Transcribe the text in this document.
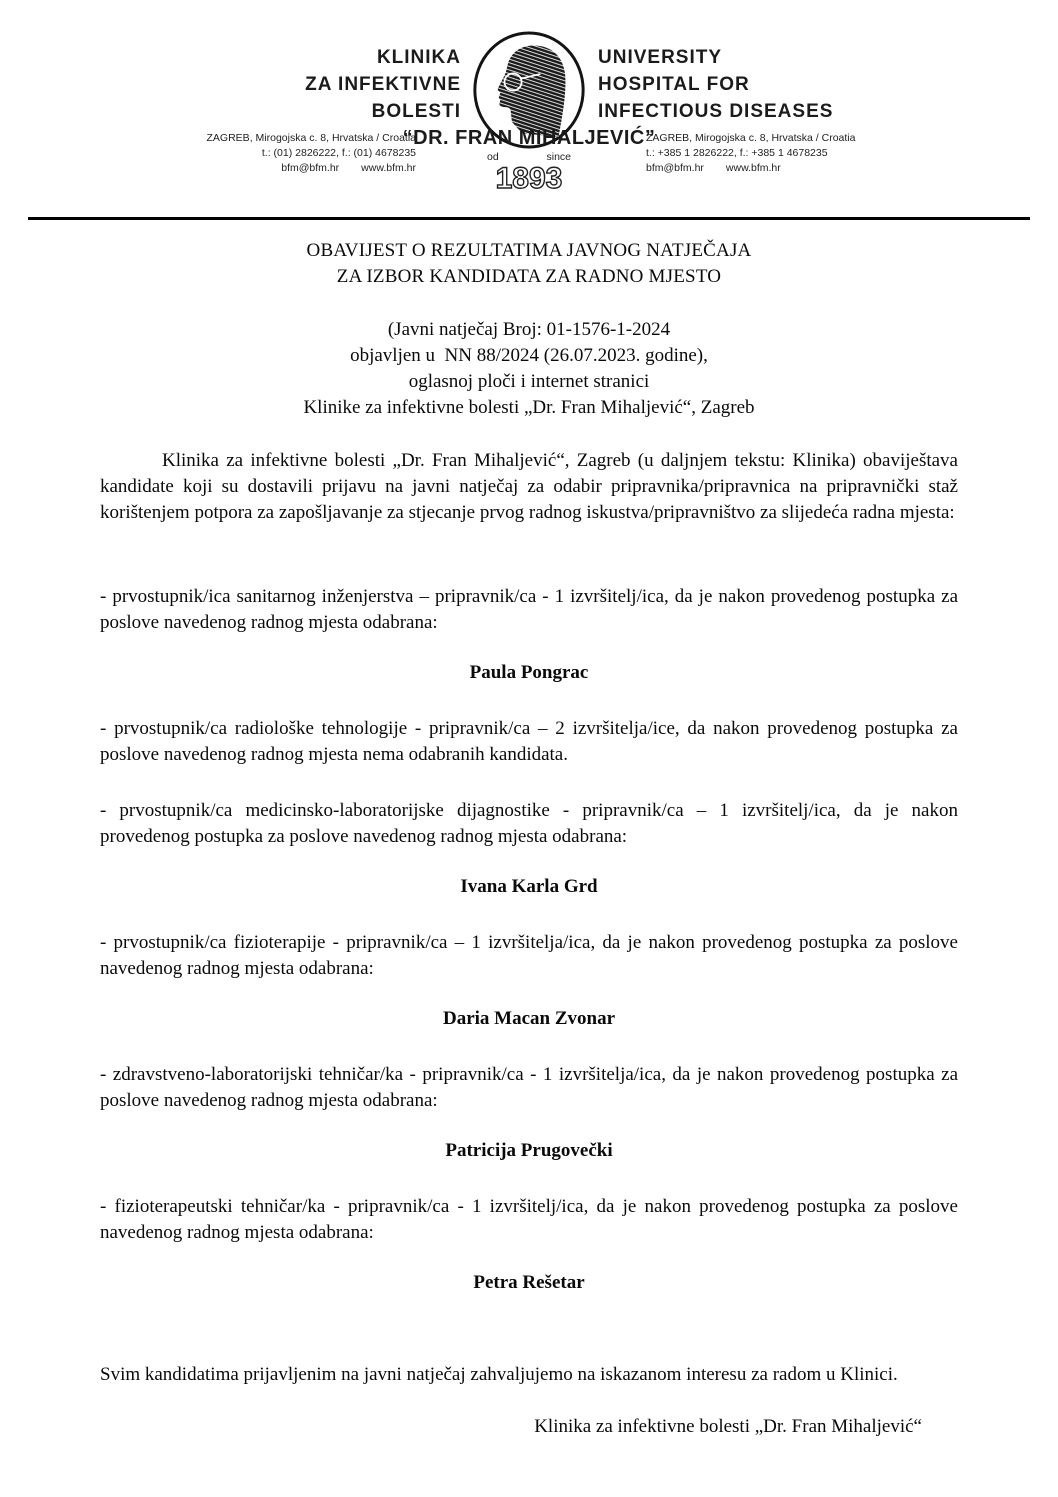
KLINIKA
ZA INFEKTIVNE
BOLESTI
UNIVERSITY
HOSPITAL FOR
INFECTIOUS DISEASES
ZAGREB, Mirogojska c. 8, Hrvatska / Croatia
t.: (01) 2826222, f.: (01) 4678235
bfm@bfm.hr www.bfm.hr
“DR. FRAN MIHALJEVIĆ”
od	since
1893
ZAGREB, Mirogojska c. 8, Hrvatska / Croatia
t.: +385 1 2826222, f.: +385 1 4678235
bfm@bfm.hr www.bfm.hr
OBAVIJEST O REZULTATIMA JAVNOG NATJEČAJA
ZA IZBOR KANDIDATA ZA RADNO MJESTO
(Javni natječaj Broj: 01-1576-1-2024
objavljen u  NN 88/2024 (26.07.2023. godine),
oglasnoj ploči i internet stranici
Klinike za infektivne bolesti „Dr. Fran Mihaljević“, Zagreb

Klinika za infektivne bolesti „Dr. Fran Mihaljević“, Zagreb (u daljnjem tekstu: Klinika) obaviještava kandidate koji su dostavili prijavu na javni natječaj za odabir pripravnika/pripravnica na pripravnički staž korištenjem potpora za zapošljavanje za stjecanje prvog radnog iskustva/pripravništvo za slijedeća radna mjesta:

- prvostupnik/ica sanitarnog inženjerstva – pripravnik/ca - 1 izvršitelj/ica, da je nakon provedenog postupka za poslove navedenog radnog mjesta odabrana:

Paula Pongrac

- prvostupnik/ca radiološke tehnologije - pripravnik/ca – 2 izvršitelja/ice, da nakon provedenog postupka za poslove navedenog radnog mjesta nema odabranih kandidata.

- prvostupnik/ca medicinsko-laboratorijske dijagnostike - pripravnik/ca – 1 izvršitelj/ica, da je nakon provedenog postupka za poslove navedenog radnog mjesta odabrana:

Ivana Karla Grd

- prvostupnik/ca fizioterapije - pripravnik/ca – 1 izvršitelja/ica, da je nakon provedenog postupka za poslove navedenog radnog mjesta odabrana:

Daria Macan Zvonar

- zdravstveno-laboratorijski tehničar/ka - pripravnik/ca - 1 izvršitelja/ica, da je nakon provedenog postupka za poslove navedenog radnog mjesta odabrana:

Patricija Prugovečki

- fizioterapeutski tehničar/ka - pripravnik/ca - 1 izvršitelj/ica, da je nakon provedenog postupka za poslove navedenog radnog mjesta odabrana:

Petra Rešetar

Svim kandidatima prijavljenim na javni natječaj zahvaljujemo na iskazanom interesu za radom u Klinici.

Klinika za infektivne bolesti „Dr. Fran Mihaljević“
